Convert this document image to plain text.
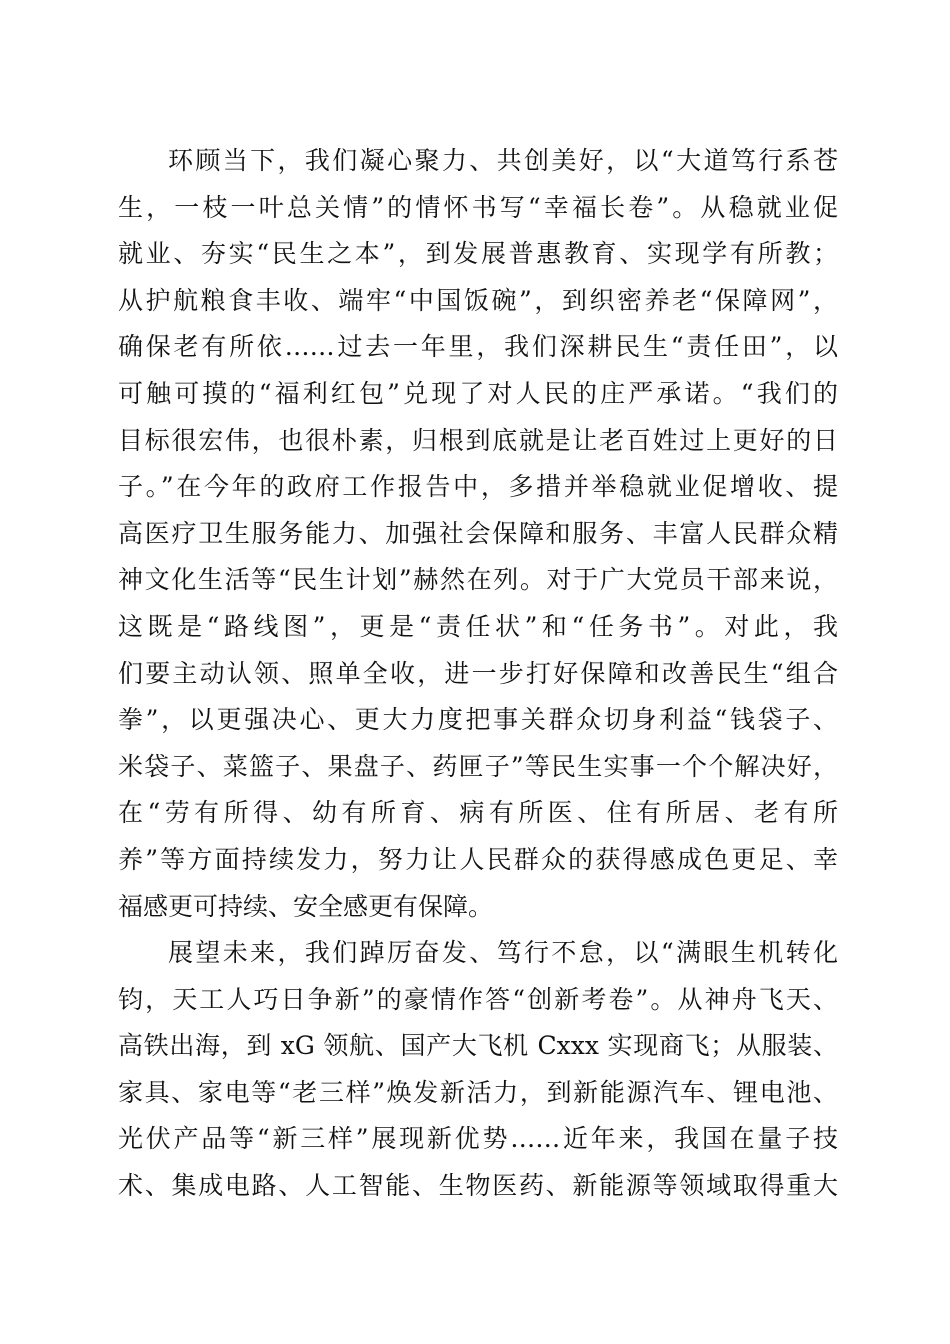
环顾当下，我们凝心聚力、共创美好，以“大道笃行系苍
生，一枝一叶总关情”的情怀书写“幸福长卷”。从稳就业促
就业、夯实“民生之本”，到发展普惠教育、实现学有所教；
从护航粮食丰收、端牢“中国饭碗”，到织密养老“保障网”，
确保老有所依……过去一年里，我们深耕民生“责任田”，以
可触可摸的“福利红包”兑现了对人民的庄严承诺。“我们的
目标很宏伟，也很朴素，归根到底就是让老百姓过上更好的日
子。”在今年的政府工作报告中，多措并举稳就业促增收、提
高医疗卫生服务能力、加强社会保障和服务、丰富人民群众精
神文化生活等“民生计划”赫然在列。对于广大党员干部来说，
这既是“路线图”，更是“责任状”和“任务书”。对此，我
们要主动认领、照单全收，进一步打好保障和改善民生“组合
拳”，以更强决心、更大力度把事关群众切身利益“钱袋子、
米袋子、菜篮子、果盘子、药匣子”等民生实事一个个解决好，
在“劳有所得、幼有所育、病有所医、住有所居、老有所
养”等方面持续发力，努力让人民群众的获得感成色更足、幸
福感更可持续、安全感更有保障。
展望未来，我们踔厉奋发、笃行不怠，以“满眼生机转化
钧，天工人巧日争新”的豪情作答“创新考卷”。从神舟飞天、
高铁出海，到 xG 领航、国产大飞机 Cxxx 实现商飞；从服装、
家具、家电等“老三样”焕发新活力，到新能源汽车、锂电池、
光伏产品等“新三样”展现新优势……近年来，我国在量子技
术、集成电路、人工智能、生物医药、新能源等领域取得重大
